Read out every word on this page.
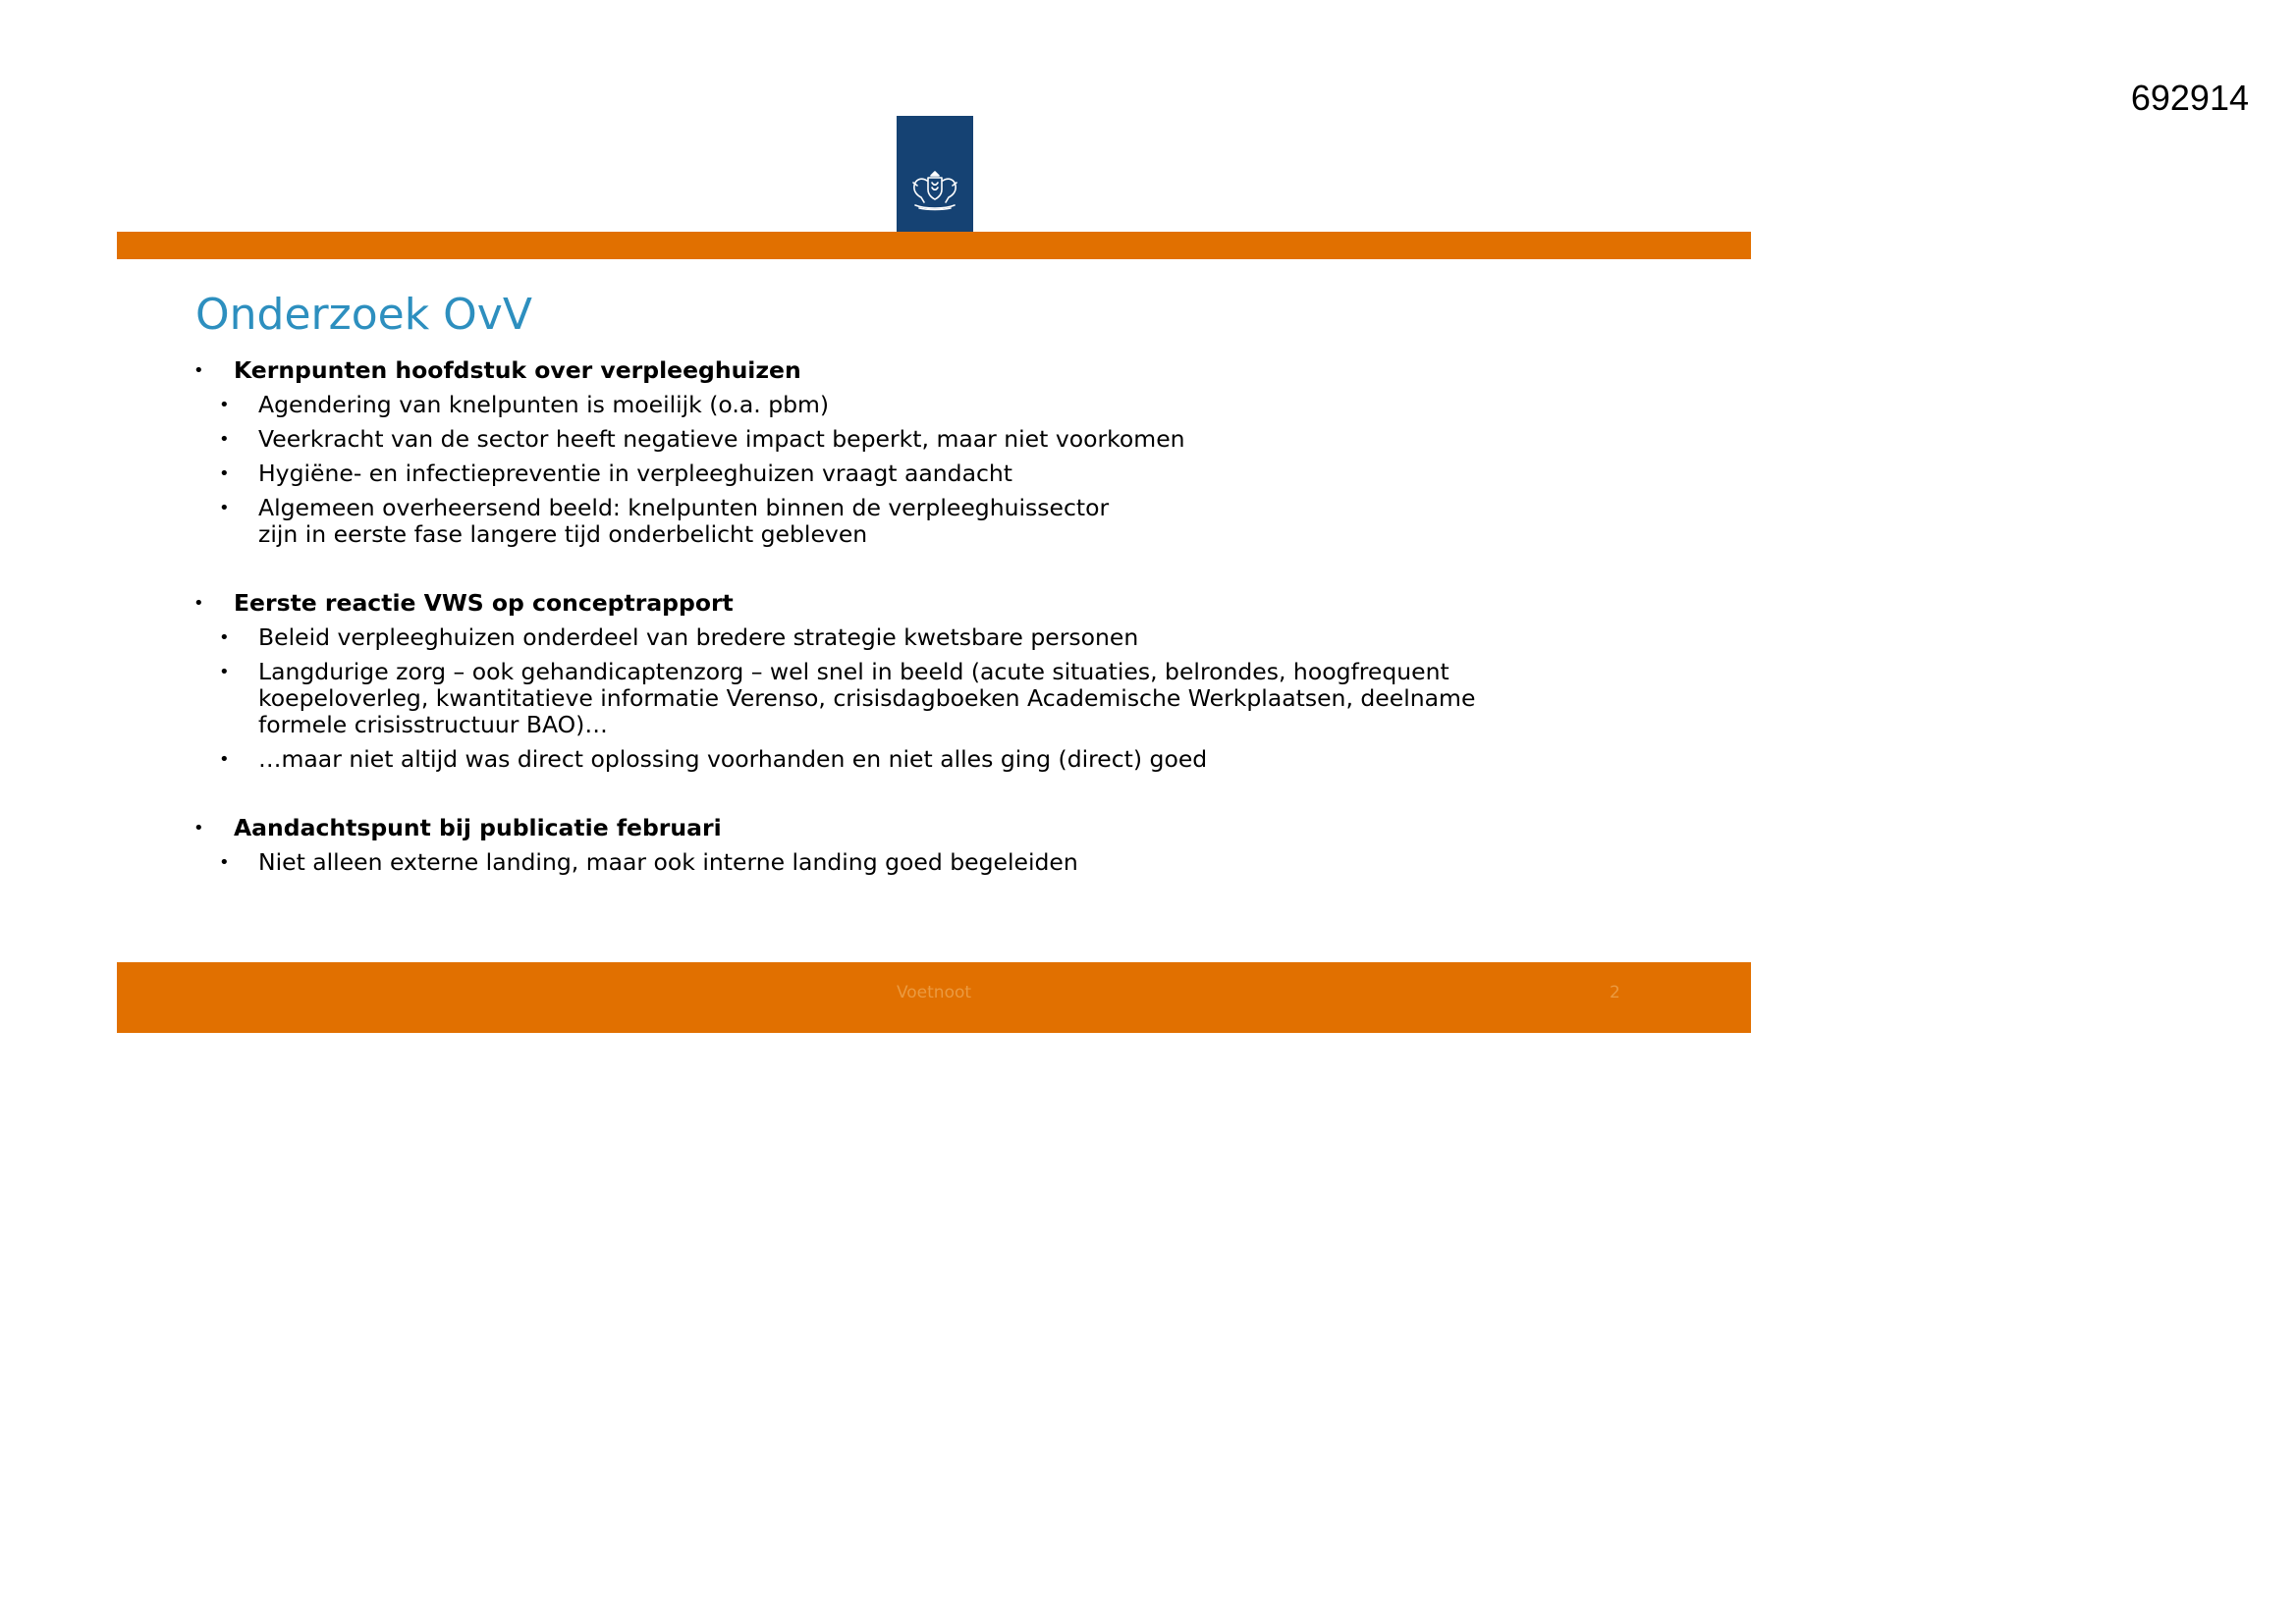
692914
Onderzoek OvV
• Kernpunten hoofdstuk over verpleeghuizen
• Agendering van knelpunten is moeilijk (o.a. pbm)
• Veerkracht van de sector heeft negatieve impact beperkt, maar niet voorkomen
• Hygiëne- en infectiepreventie in verpleeghuizen vraagt aandacht
• Algemeen overheersend beeld: knelpunten binnen de verpleeghuissector
zijn in eerste fase langere tijd onderbelicht gebleven
• Eerste reactie VWS op conceptrapport
• Beleid verpleeghuizen onderdeel van bredere strategie kwetsbare personen
• Langdurige zorg – ook gehandicaptenzorg – wel snel in beeld (acute situaties, belrondes, hoogfrequent
koepeloverleg, kwantitatieve informatie Verenso, crisisdagboeken Academische Werkplaatsen, deelname
formele crisisstructuur BAO)…
• …maar niet altijd was direct oplossing voorhanden en niet alles ging (direct) goed
• Aandachtspunt bij publicatie februari
• Niet alleen externe landing, maar ook interne landing goed begeleiden
Voetnoot	2
